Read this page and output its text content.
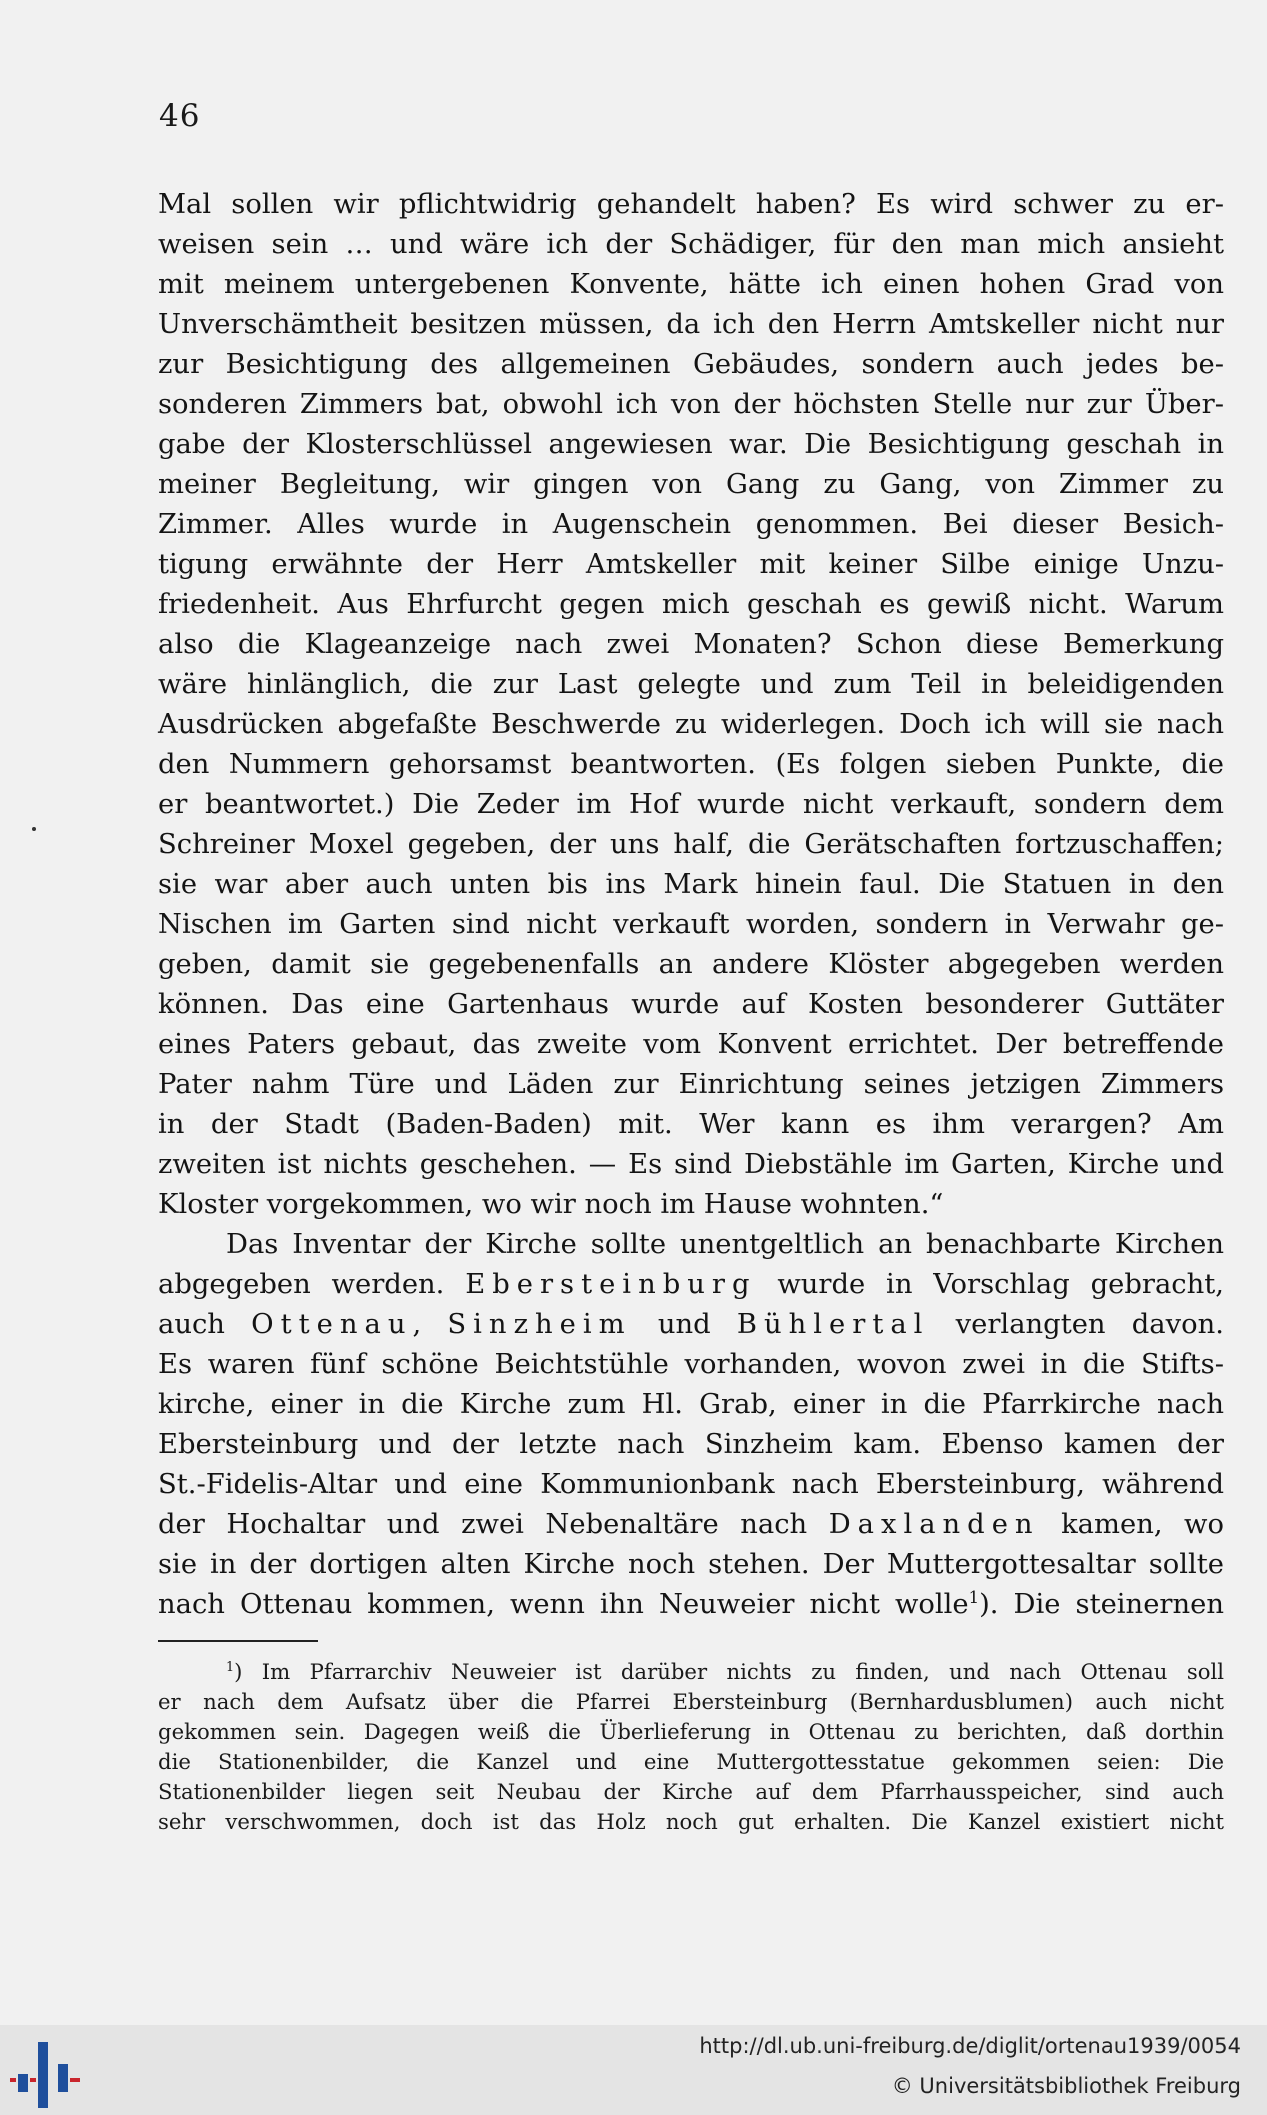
46
Mal sollen wir pflichtwidrig gehandelt haben? Es wird schwer zu er-
weisen sein … und wäre ich der Schädiger, für den man mich ansieht
mit meinem untergebenen Konvente, hätte ich einen hohen Grad von
Unverschämtheit besitzen müssen, da ich den Herrn Amtskeller nicht nur
zur Besichtigung des allgemeinen Gebäudes, sondern auch jedes be-
sonderen Zimmers bat, obwohl ich von der höchsten Stelle nur zur Über-
gabe der Klosterschlüssel angewiesen war. Die Besichtigung geschah in
meiner Begleitung, wir gingen von Gang zu Gang, von Zimmer zu
Zimmer. Alles wurde in Augenschein genommen. Bei dieser Besich-
tigung erwähnte der Herr Amtskeller mit keiner Silbe einige Unzu-
friedenheit. Aus Ehrfurcht gegen mich geschah es gewiß nicht. Warum
also die Klageanzeige nach zwei Monaten? Schon diese Bemerkung
wäre hinlänglich, die zur Last gelegte und zum Teil in beleidigenden
Ausdrücken abgefaßte Beschwerde zu widerlegen. Doch ich will sie nach
den Nummern gehorsamst beantworten. (Es folgen sieben Punkte, die
er beantwortet.) Die Zeder im Hof wurde nicht verkauft, sondern dem
Schreiner Moxel gegeben, der uns half, die Gerätschaften fortzuschaffen;
sie war aber auch unten bis ins Mark hinein faul. Die Statuen in den
Nischen im Garten sind nicht verkauft worden, sondern in Verwahr ge-
geben, damit sie gegebenenfalls an andere Klöster abgegeben werden
können. Das eine Gartenhaus wurde auf Kosten besonderer Guttäter
eines Paters gebaut, das zweite vom Konvent errichtet. Der betreffende
Pater nahm Türe und Läden zur Einrichtung seines jetzigen Zimmers
in der Stadt (Baden-Baden) mit. Wer kann es ihm verargen? Am
zweiten ist nichts geschehen. — Es sind Diebstähle im Garten, Kirche und
Kloster vorgekommen, wo wir noch im Hause wohnten.“
Das Inventar der Kirche sollte unentgeltlich an benachbarte Kirchen
abgegeben werden. Ebersteinburg wurde in Vorschlag gebracht,
auch Ottenau, Sinzheim und Bühlertal verlangten davon.
Es waren fünf schöne Beichtstühle vorhanden, wovon zwei in die Stifts-
kirche, einer in die Kirche zum Hl. Grab, einer in die Pfarrkirche nach
Ebersteinburg und der letzte nach Sinzheim kam. Ebenso kamen der
St.-Fidelis-Altar und eine Kommunionbank nach Ebersteinburg, während
der Hochaltar und zwei Nebenaltäre nach Daxlanden kamen, wo
sie in der dortigen alten Kirche noch stehen. Der Muttergottesaltar sollte
nach Ottenau kommen, wenn ihn Neuweier nicht wolle$^1$). Die steinernen
$^1$) Im Pfarrarchiv Neuweier ist darüber nichts zu finden, und nach Ottenau soll
er nach dem Aufsatz über die Pfarrei Ebersteinburg (Bernhardusblumen) auch nicht
gekommen sein. Dagegen weiß die Überlieferung in Ottenau zu berichten, daß dorthin
die Stationenbilder, die Kanzel und eine Muttergottesstatue gekommen seien: Die
Stationenbilder liegen seit Neubau der Kirche auf dem Pfarrhausspeicher, sind auch
sehr verschwommen, doch ist das Holz noch gut erhalten. Die Kanzel existiert nicht
http://dl.ub.uni-freiburg.de/diglit/ortenau1939/0054
© Universitätsbibliothek Freiburg
